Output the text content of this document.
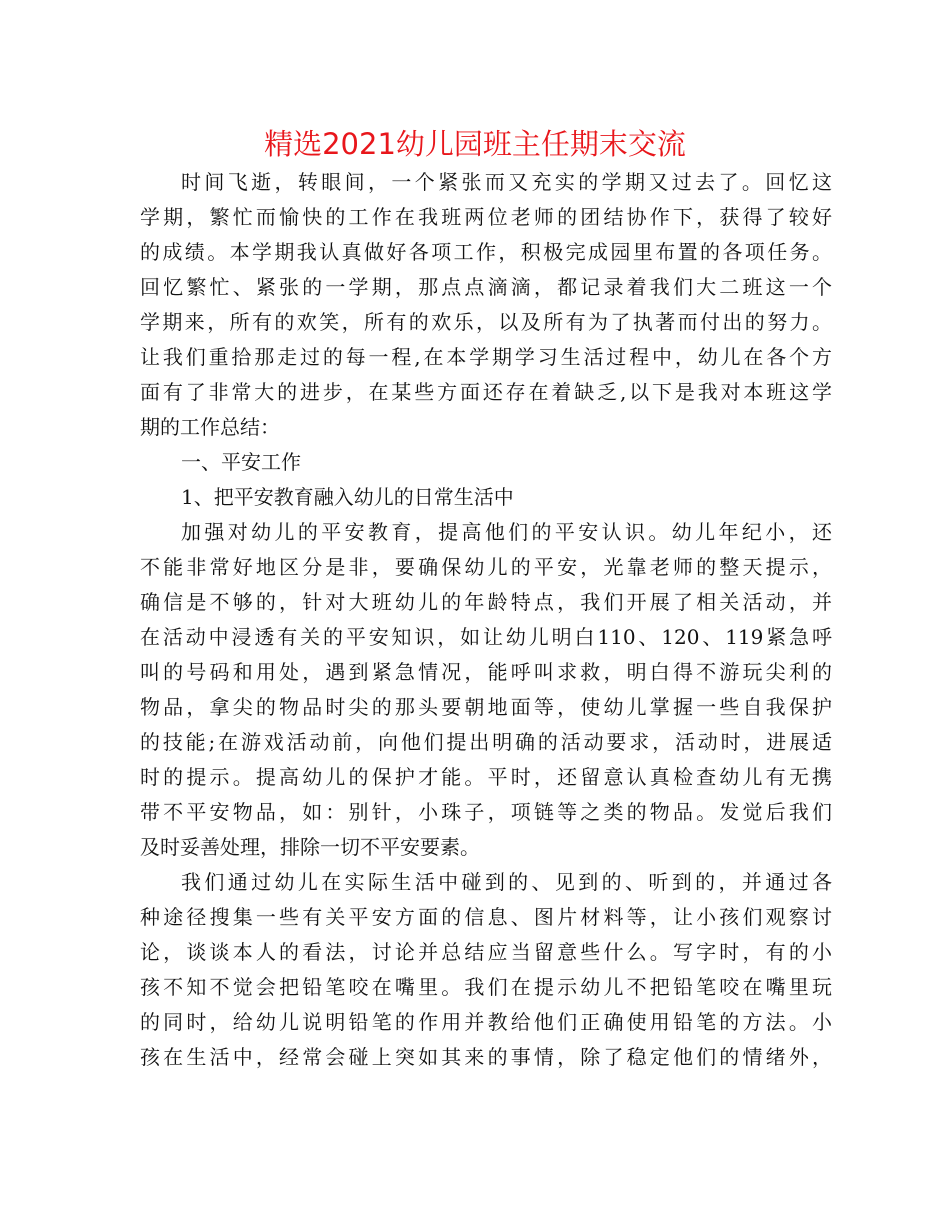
精选2021幼儿园班主任期末交流
时间飞逝，转眼间，一个紧张而又充实的学期又过去了。回忆这
学期，繁忙而愉快的工作在我班两位老师的团结协作下，获得了较好
的成绩。本学期我认真做好各项工作，积极完成园里布置的各项任务。
回忆繁忙、紧张的一学期，那点点滴滴，都记录着我们大二班这一个
学期来，所有的欢笑，所有的欢乐，以及所有为了执著而付出的努力。
让我们重拾那走过的每一程,在本学期学习生活过程中，幼儿在各个方
面有了非常大的进步，在某些方面还存在着缺乏,以下是我对本班这学
期的工作总结：
一、平安工作
1、把平安教育融入幼儿的日常生活中
加强对幼儿的平安教育，提高他们的平安认识。幼儿年纪小，还
不能非常好地区分是非，要确保幼儿的平安，光靠老师的整天提示，
确信是不够的，针对大班幼儿的年龄特点，我们开展了相关活动，并
在活动中浸透有关的平安知识，如让幼儿明白110、120、119紧急呼
叫的号码和用处，遇到紧急情况，能呼叫求救，明白得不游玩尖利的
物品，拿尖的物品时尖的那头要朝地面等，使幼儿掌握一些自我保护
的技能;在游戏活动前，向他们提出明确的活动要求，活动时，进展适
时的提示。提高幼儿的保护才能。平时，还留意认真检查幼儿有无携
带不平安物品，如：别针，小珠子，项链等之类的物品。发觉后我们
及时妥善处理，排除一切不平安要素。
我们通过幼儿在实际生活中碰到的、见到的、听到的，并通过各
种途径搜集一些有关平安方面的信息、图片材料等，让小孩们观察讨
论，谈谈本人的看法，讨论并总结应当留意些什么。写字时，有的小
孩不知不觉会把铅笔咬在嘴里。我们在提示幼儿不把铅笔咬在嘴里玩
的同时，给幼儿说明铅笔的作用并教给他们正确使用铅笔的方法。小
孩在生活中，经常会碰上突如其来的事情，除了稳定他们的情绪外，
